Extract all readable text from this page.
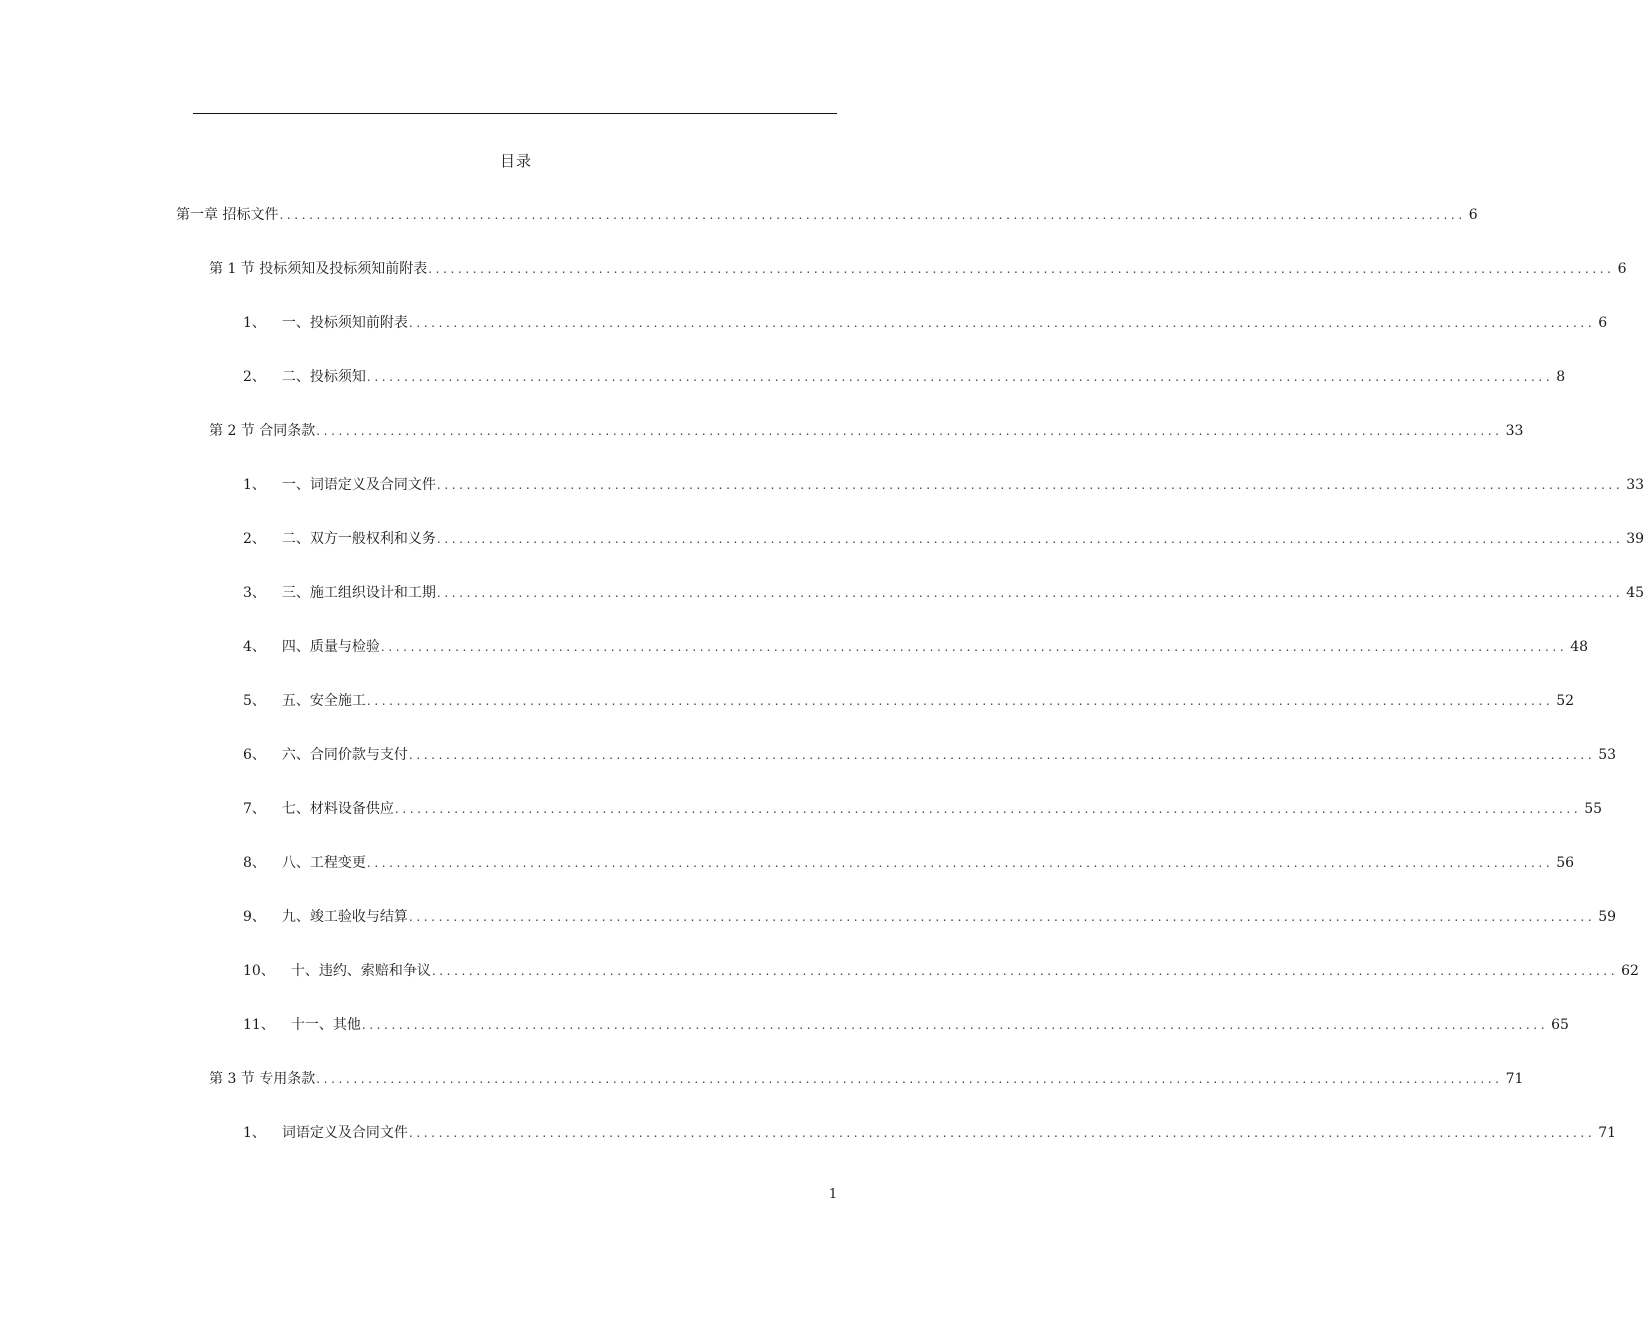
目录
第一章 招标文件 ................................................................................................................................................................ 6
第 1 节 投标须知及投标须知前附表 ................................................................................................................................................................ 6
1、 一、投标须知前附表 ................................................................................................................................................................ 6
2、 二、投标须知 ................................................................................................................................................................ 8
第 2 节 合同条款 ................................................................................................................................................................ 33
1、 一、词语定义及合同文件 ................................................................................................................................................................ 33
2、 二、双方一般权利和义务 ................................................................................................................................................................ 39
3、 三、施工组织设计和工期 ................................................................................................................................................................ 45
4、 四、质量与检验 ................................................................................................................................................................ 48
5、 五、安全施工 ................................................................................................................................................................ 52
6、 六、合同价款与支付 ................................................................................................................................................................ 53
7、 七、材料设备供应 ................................................................................................................................................................ 55
8、 八、工程变更 ................................................................................................................................................................ 56
9、 九、竣工验收与结算 ................................................................................................................................................................ 59
10、 十、违约、索赔和争议 ................................................................................................................................................................ 62
11、 十一、其他 ................................................................................................................................................................ 65
第 3 节 专用条款 ................................................................................................................................................................ 71
1、 词语定义及合同文件 ................................................................................................................................................................ 71
1
